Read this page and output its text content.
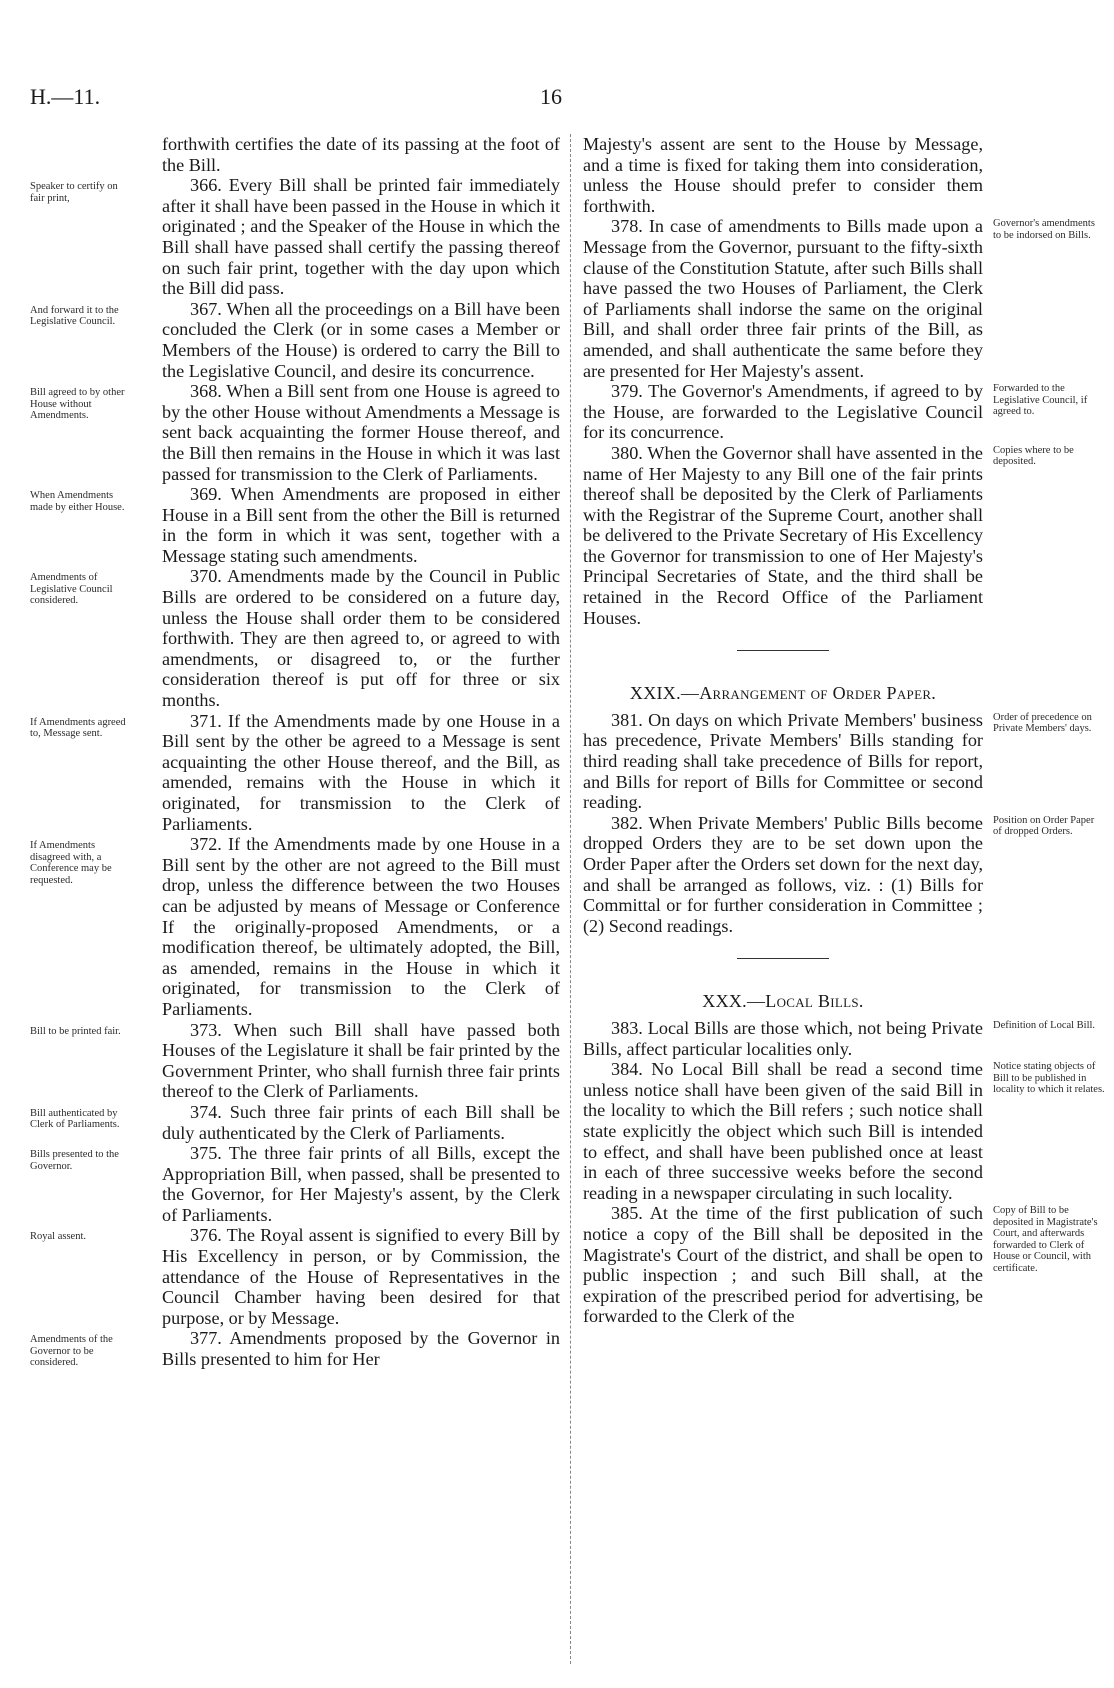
H.—11.	16

forthwith certifies the date of its passing at the foot of the Bill.

Speaker to certify on fair print,
366. Every Bill shall be printed fair immediately after it shall have been passed in the House in which it originated ; and the Speaker of the House in which the Bill shall have passed shall certify the passing thereof on such fair print, together with the day upon which the Bill did pass.

And forward it to the Legislative Council.
367. When all the proceedings on a Bill have been concluded the Clerk (or in some cases a Member or Members of the House) is ordered to carry the Bill to the Legislative Council, and desire its concurrence.

Bill agreed to by other House without Amendments.
368. When a Bill sent from one House is agreed to by the other House without Amendments a Message is sent back acquainting the former House thereof, and the Bill then remains in the House in which it was last passed for transmission to the Clerk of Parliaments.

When Amendments made by either House.
369. When Amendments are proposed in either House in a Bill sent from the other the Bill is returned in the form in which it was sent, together with a Message stating such amendments.

Amendments of Legislative Council considered.
370. Amendments made by the Council in Public Bills are ordered to be considered on a future day, unless the House shall order them to be considered forthwith. They are then agreed to, or agreed to with amendments, or disagreed to, or the further consideration thereof is put off for three or six months.

If Amendments agreed to, Message sent.
371. If the Amendments made by one House in a Bill sent by the other be agreed to a Message is sent acquainting the other House thereof, and the Bill, as amended, remains with the House in which it originated, for transmission to the Clerk of Parliaments.

If Amendments disagreed with, a Conference may be requested.
372. If the Amendments made by one House in a Bill sent by the other are not agreed to the Bill must drop, unless the difference between the two Houses can be adjusted by means of Message or Conference If the originally-proposed Amendments, or a modification thereof, be ultimately adopted, the Bill, as amended, remains in the House in which it originated, for transmission to the Clerk of Parliaments.

Bill to be printed fair.	373. When such Bill shall have passed both Houses of the Legislature it shall be fair printed by the Government Printer, who shall furnish three fair prints thereof to the Clerk of Parliaments.

Bill authenticated by Clerk of Parliaments.
374. Such three fair prints of each Bill shall be duly authenticated by the Clerk of Parliaments.

Bills presented to the Governor.
375. The three fair prints of all Bills, except the Appropriation Bill, when passed, shall be presented to the Governor, for Her Majesty's assent, by the Clerk of Parliaments.

Royal assent.	376. The Royal assent is signified to every Bill by His Excellency in person, or by Commission, the attendance of the House of Representatives in the Council Chamber having been desired for that purpose, or by Message.

Amendments of the Governor to be considered.
377. Amendments proposed by the Governor in Bills presented to him for Her

Majesty's assent are sent to the House by Message, and a time is fixed for taking them into consideration, unless the House should prefer to consider them forthwith.

Governor's amendments to be indorsed on Bills.
378. In case of amendments to Bills made upon a Message from the Governor, pursuant to the fifty-sixth clause of the Constitution Statute, after such Bills shall have passed the two Houses of Parliament, the Clerk of Parliaments shall indorse the same on the original Bill, and shall order three fair prints of the Bill, as amended, and shall authenticate the same before they are presented for Her Majesty's assent.

Forwarded to the Legislative Council, if agreed to.
379. The Governor's Amendments, if agreed to by the House, are forwarded to the Legislative Council for its concurrence.

Copies where to be deposited.
380. When the Governor shall have assented in the name of Her Majesty to any Bill one of the fair prints thereof shall be deposited by the Clerk of Parliaments with the Registrar of the Supreme Court, another shall be delivered to the Private Secretary of His Excellency the Governor for transmission to one of Her Majesty's Principal Secretaries of State, and the third shall be retained in the Record Office of the Parliament Houses.

XXIX.—Arrangement of Order Paper.

Order of precedence on Private Members' days.
381. On days on which Private Members' business has precedence, Private Members' Bills standing for third reading shall take precedence of Bills for report, and Bills for report of Bills for Committee or second reading.

Position on Order Paper of dropped Orders.
382. When Private Members' Public Bills become dropped Orders they are to be set down upon the Order Paper after the Orders set down for the next day, and shall be arranged as follows, viz. : (1) Bills for Committal or for further consideration in Committee ; (2) Second readings.

XXX.—Local Bills.

Definition of Local Bill.
383. Local Bills are those which, not being Private Bills, affect particular localities only.

Notice stating objects of Bill to be published in locality to which it relates.
384. No Local Bill shall be read a second time unless notice shall have been given of the said Bill in the locality to which the Bill refers ; such notice shall state explicitly the object which such Bill is intended to effect, and shall have been published once at least in each of three successive weeks before the second reading in a newspaper circulating in such locality.

Copy of Bill to be deposited in Magistrate's Court, and afterwards forwarded to Clerk of House or Council, with certificate.
385. At the time of the first publication of such notice a copy of the Bill shall be deposited in the Magistrate's Court of the district, and shall be open to public inspection ; and such Bill shall, at the expiration of the prescribed period for advertising, be forwarded to the Clerk of the
